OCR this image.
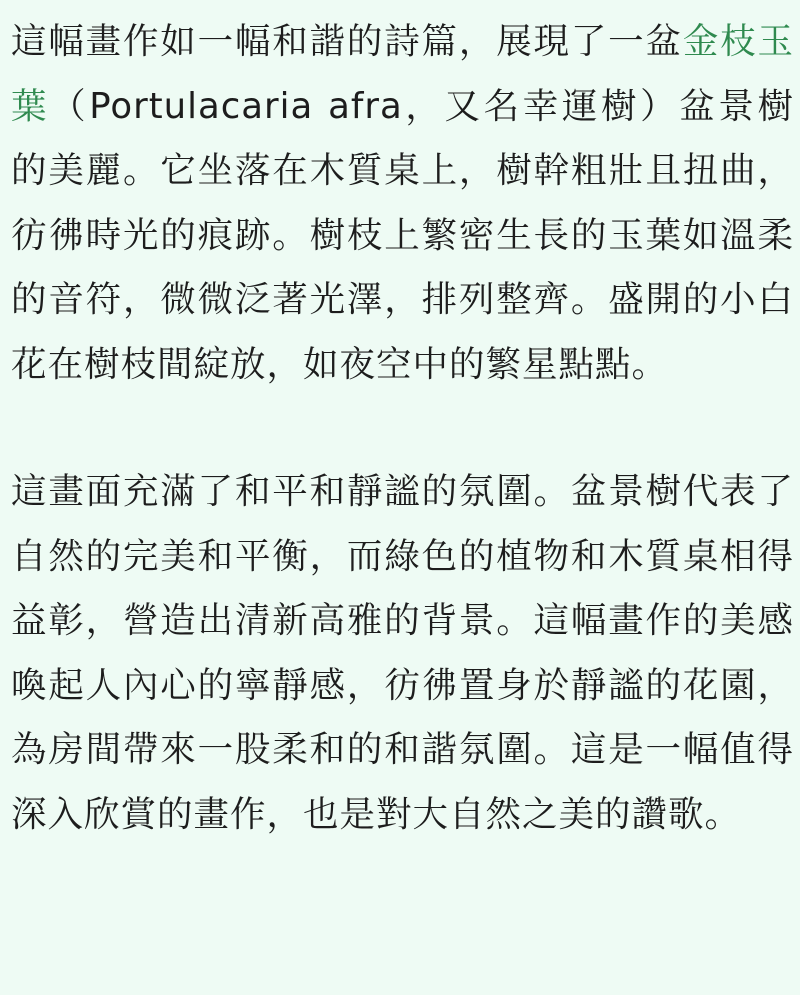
這幅畫作如一幅和諧的詩篇，展現了一盆金枝玉葉（Portulacaria afra，又名幸運樹）盆景樹的美麗。它坐落在木質桌上，樹幹粗壯且扭曲，彷彿時光的痕跡。樹枝上繁密生長的玉葉如溫柔的音符，微微泛著光澤，排列整齊。盛開的小白花在樹枝間綻放，如夜空中的繁星點點。

這畫面充滿了和平和靜謐的氛圍。盆景樹代表了自然的完美和平衡，而綠色的植物和木質桌相得益彰，營造出清新高雅的背景。這幅畫作的美感喚起人內心的寧靜感，彷彿置身於靜謐的花園，為房間帶來一股柔和的和諧氛圍。這是一幅值得深入欣賞的畫作，也是對大自然之美的讚歌。
